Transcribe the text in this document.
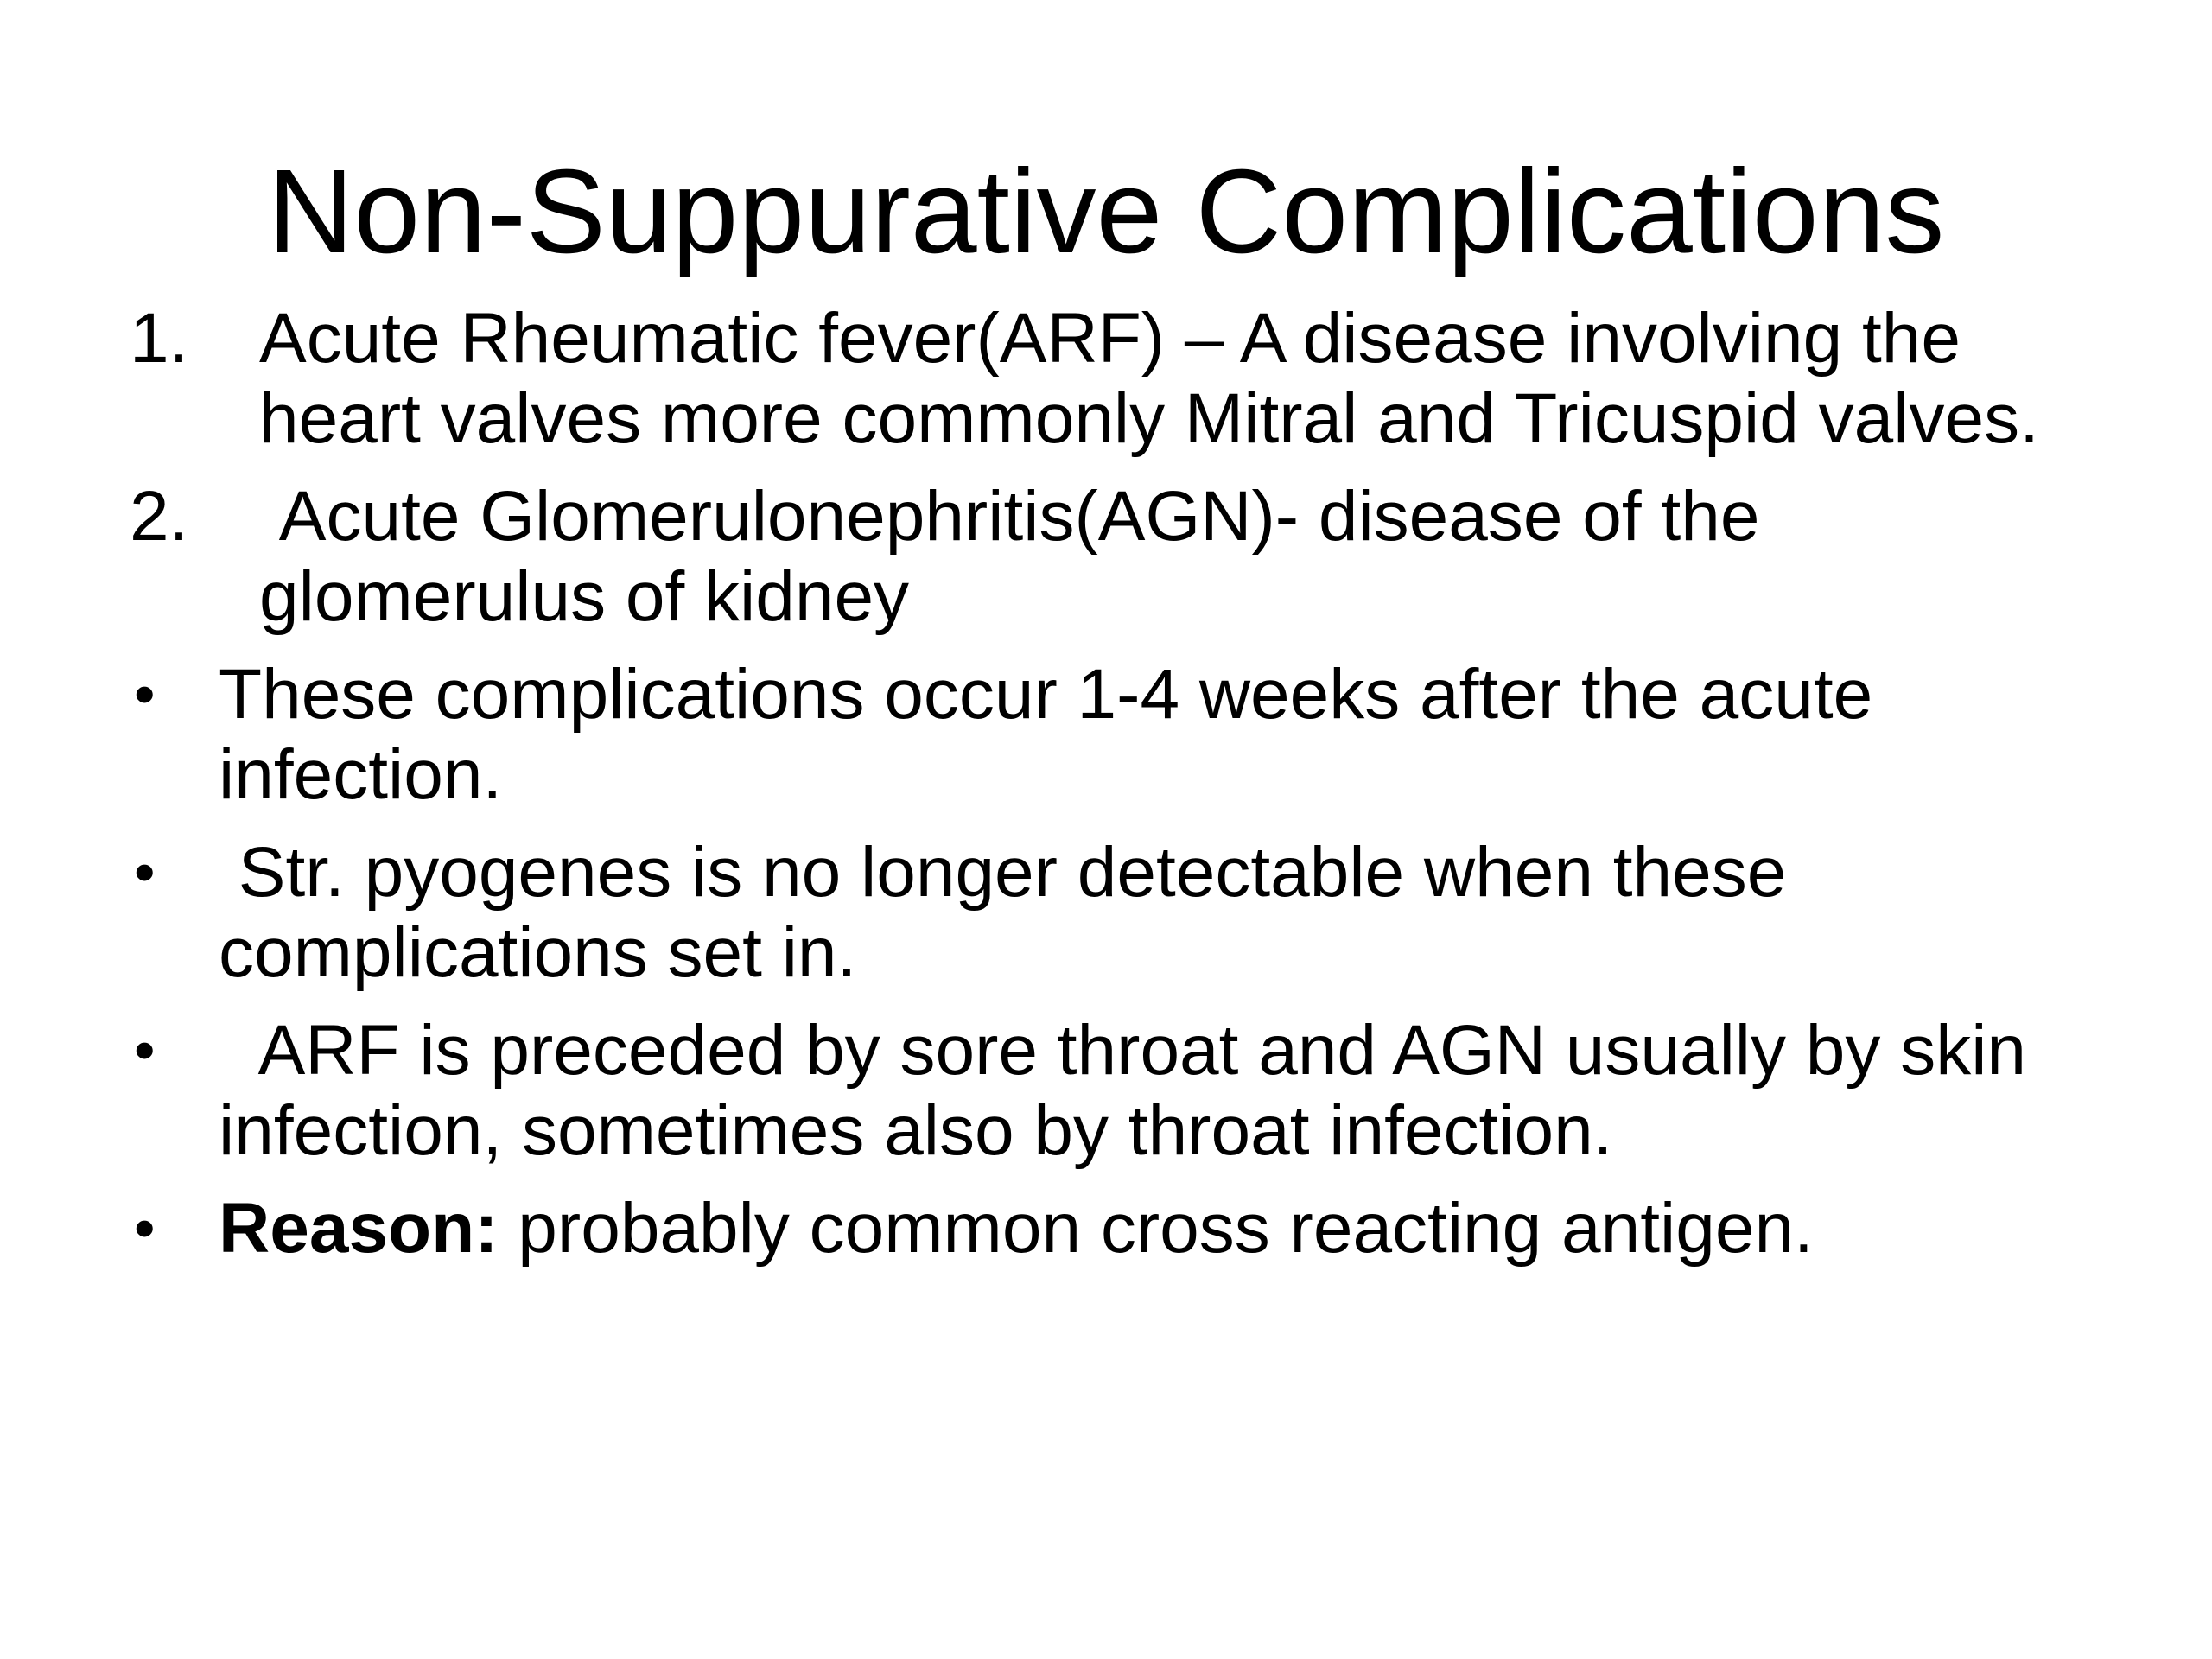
Non-Suppurative Complications
1. Acute Rheumatic fever(ARF) – A disease involving the heart valves more commonly Mitral and Tricuspid valves.
2. Acute Glomerulonephritis(AGN)- disease of the glomerulus of kidney
• These complications occur 1-4 weeks after the acute infection.
• Str. pyogenes is no longer detectable when these complications set in.
• ARF is preceded by sore throat and AGN usually by skin infection, sometimes also by throat infection.
• Reason: probably common cross reacting antigen.
